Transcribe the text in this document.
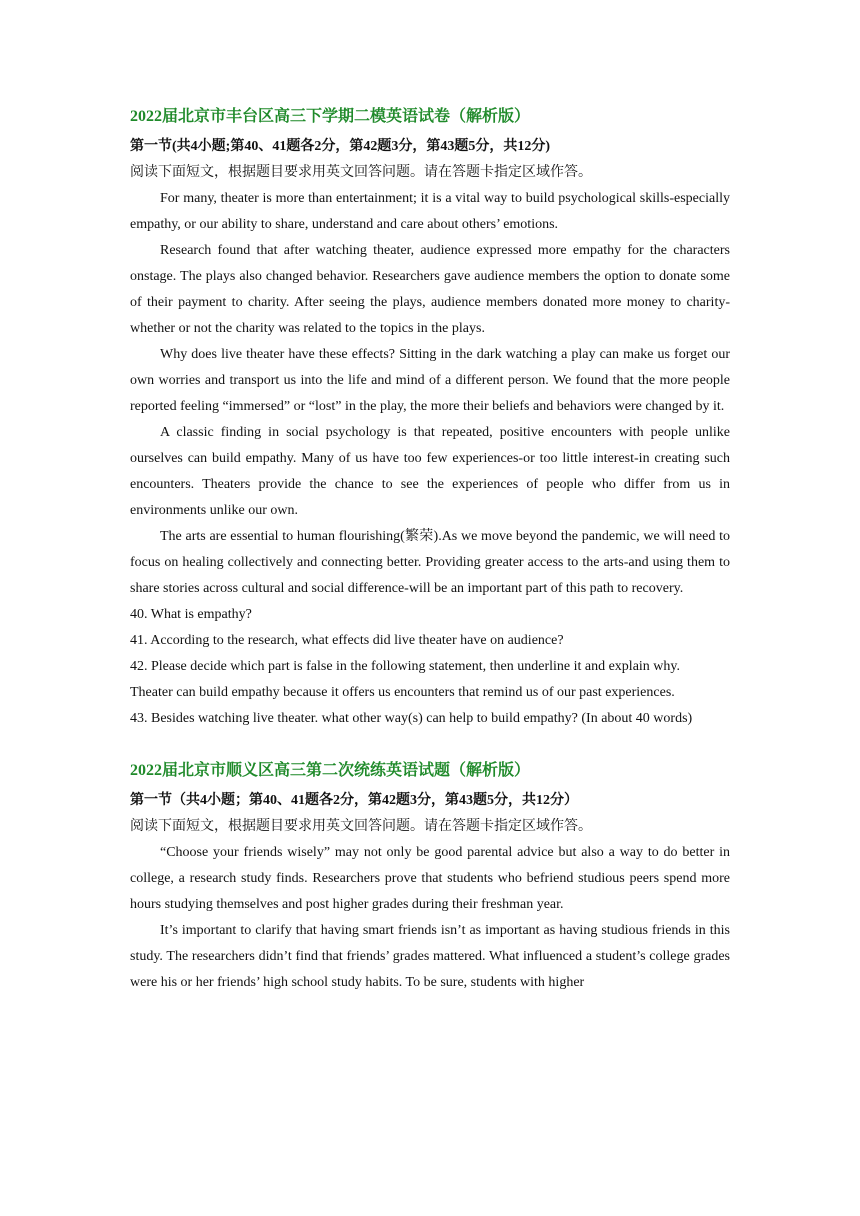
2022届北京市丰台区高三下学期二模英语试卷（解析版）

第一节(共4小题;第40、41题各2分，第42题3分，第43题5分，共12分)

阅读下面短文，根据题目要求用英文回答问题。请在答题卡指定区域作答。

For many, theater is more than entertainment; it is a vital way to build psychological skills-especially empathy, or our ability to share, understand and care about others’ emotions.

Research found that after watching theater, audience expressed more empathy for the characters onstage. The plays also changed behavior. Researchers gave audience members the option to donate some of their payment to charity. After seeing the plays, audience members donated more money to charity-whether or not the charity was related to the topics in the plays.

Why does live theater have these effects? Sitting in the dark watching a play can make us forget our own worries and transport us into the life and mind of a different person. We found that the more people reported feeling “immersed” or “lost” in the play, the more their beliefs and behaviors were changed by it.

A classic finding in social psychology is that repeated, positive encounters with people unlike ourselves can build empathy. Many of us have too few experiences-or too little interest-in creating such encounters. Theaters provide the chance to see the experiences of people who differ from us in environments unlike our own.

The arts are essential to human flourishing(繁荣).As we move beyond the pandemic, we will need to focus on healing collectively and connecting better. Providing greater access to the arts-and using them to share stories across cultural and social difference-will be an important part of this path to recovery.

40. What is empathy?

41. According to the research, what effects did live theater have on audience?

42. Please decide which part is false in the following statement, then underline it and explain why.

Theater can build empathy because it offers us encounters that remind us of our past experiences.

43. Besides watching live theater. what other way(s) can help to build empathy? (In about 40 words)

2022届北京市顺义区高三第二次统练英语试题（解析版）

第一节（共4小题；第40、41题各2分，第42题3分，第43题5分，共12分）

阅读下面短文，根据题目要求用英文回答问题。请在答题卡指定区域作答。

“Choose your friends wisely” may not only be good parental advice but also a way to do better in college, a research study finds. Researchers prove that students who befriend studious peers spend more hours studying themselves and post higher grades during their freshman year.

It’s important to clarify that having smart friends isn’t as important as having studious friends in this study. The researchers didn’t find that friends’ grades mattered. What influenced a student’s college grades were his or her friends’ high school study habits. To be sure, students with higher
